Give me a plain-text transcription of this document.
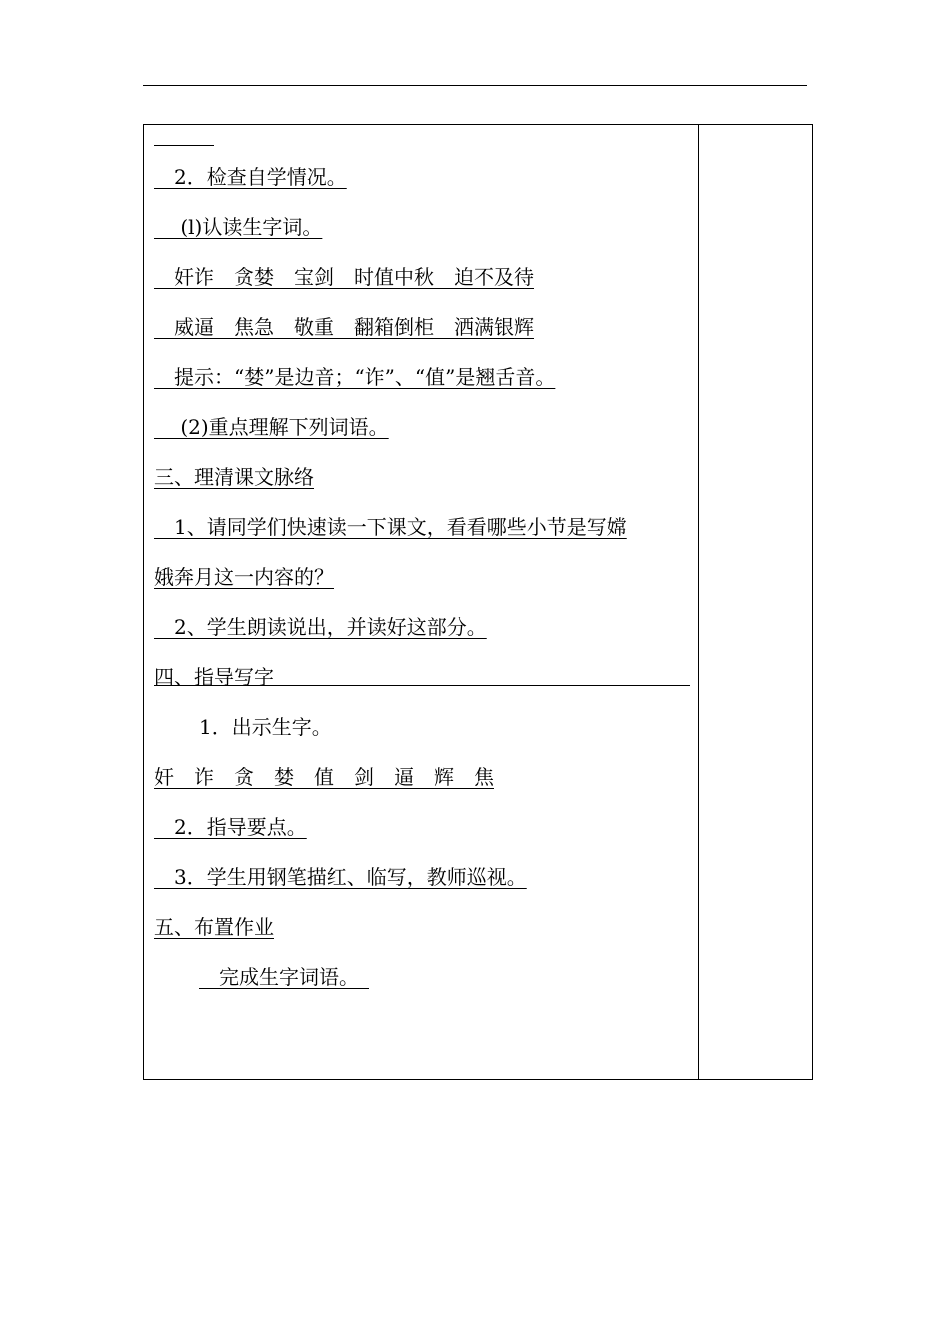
　2．检查自学情况。
　 (l)认读生字词。
　奸诈　贪婪　宝剑　时值中秋　迫不及待
　威逼　焦急　敬重　翻箱倒柜　洒满银辉
　提示：“婪”是边音；“诈”、“值”是翘舌音。
　 (2)重点理解下列词语。
三、理清课文脉络
　1、请同学们快速读一下课文，看看哪些小节是写嫦
娥奔月这一内容的？
　2、学生朗读说出，并读好这部分。
四、指导写字
1．出示生字。
奸　诈　贪　婪　值　剑　逼　辉　焦
　2．指导要点。
　3．学生用钢笔描红、临写，教师巡视。
五、布置作业
　完成生字词语。　
